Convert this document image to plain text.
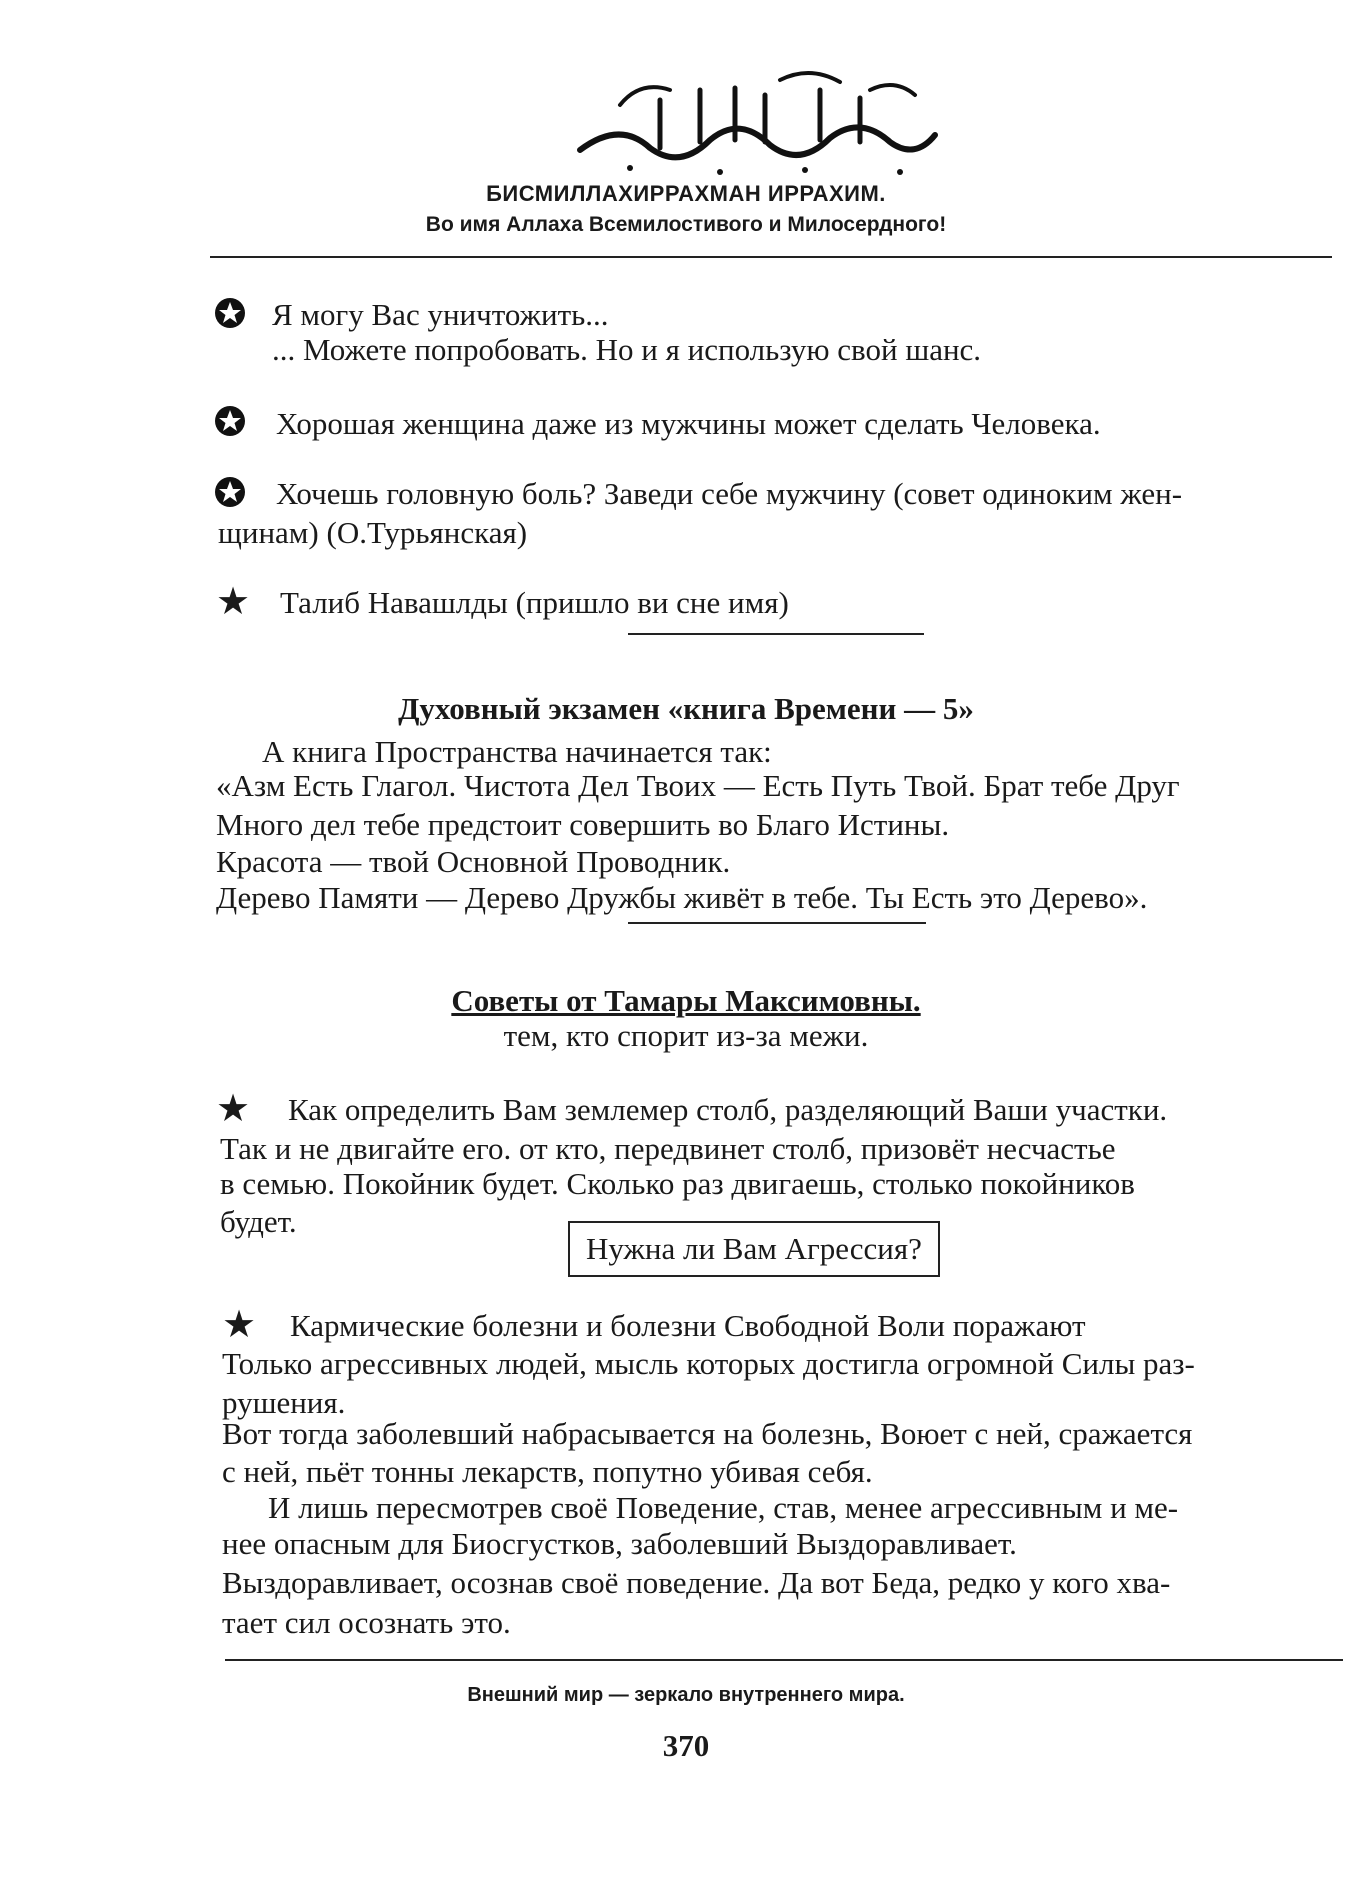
БИСМИЛЛАХИРРАХМАН ИРРАХИМ.
Во имя Аллаха Всемилостивого и Милосердного!
Я могу Вас уничтожить...
... Можете попробовать. Но и я использую свой шанс.
Хорошая женщина даже из мужчины может сделать Человека.
Хочешь головную боль? Заведи себе мужчину (совет одиноким жен-
щинам) (О.Турьянская)
★ Талиб Навашлды (пришло ви сне имя)
Духовный экзамен «книга Времени — 5»
А книга Пространства начинается так:
«Азм Есть Глагол. Чистота Дел Твоих — Есть Путь Твой. Брат тебе Друг
Много дел тебе предстоит совершить во Благо Истины.
Красота — твой Основной Проводник.
Дерево Памяти — Дерево Дружбы живёт в тебе. Ты Есть это Дерево».
Советы от Тамары Максимовны.
тем, кто спорит из-за межи.
★ Как определить Вам землемер столб, разделяющий Ваши участки.
Так и не двигайте его. от кто, передвинет столб, призовёт несчастье
в семью. Покойник будет. Сколько раз двигаешь, столько покойников
будет.
Нужна ли Вам Агрессия?
★ Кармические болезни и болезни Свободной Воли поражают
Только агрессивных людей, мысль которых достигла огромной Силы раз-
рушения.
Вот тогда заболевший набрасывается на болезнь, Воюет с ней, сражается
с ней, пьёт тонны лекарств, попутно убивая себя.
И лишь пересмотрев своё Поведение, став, менее агрессивным и ме-
нее опасным для Биосгустков, заболевший Выздоравливает.
Выздоравливает, осознав своё поведение. Да вот Беда, редко у кого хва-
тает сил осознать это.
Внешний мир — зеркало внутреннего мира.
370
